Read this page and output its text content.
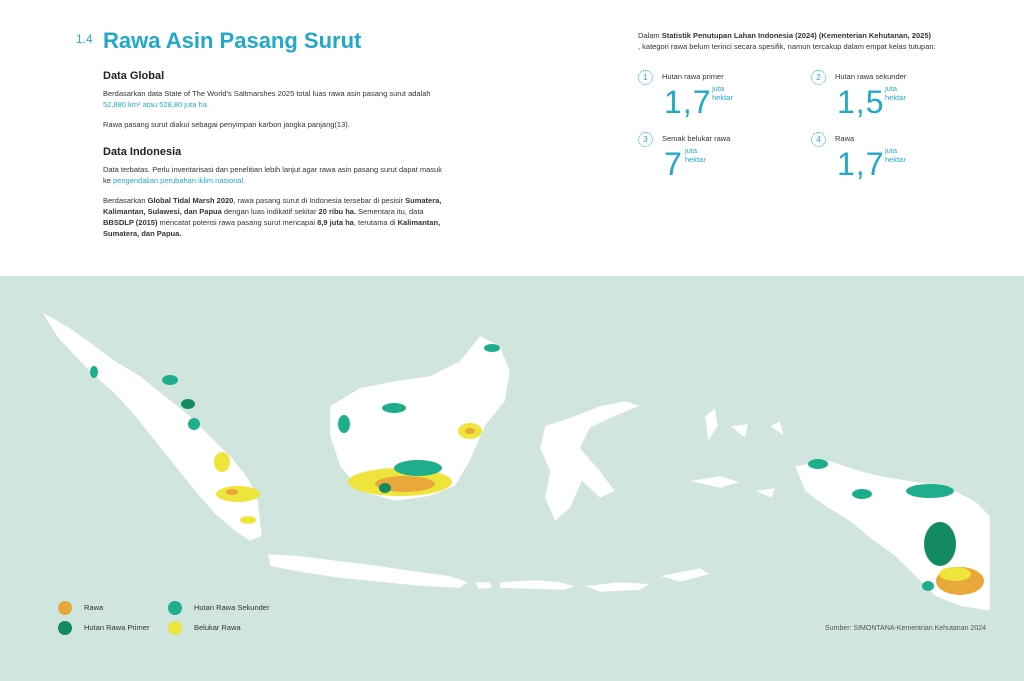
1.4 Rawa Asin Pasang Surut
Data Global

Berdasarkan data State of The World's Saltmarshes 2025 total luas rawa asin pasang surut adalah 52,880 km² atau 528,80 juta ha.

Rawa pasang surut diakui sebagai penyimpan karbon jangka panjang(13).

Data Indonesia

Data terbatas. Perlu inventarisasi dan penelitian lebih lanjut agar rawa asin pasang surut dapat masuk ke pengendalian perubahan iklim nasional.

Berdasarkan Global Tidal Marsh 2020, rawa pasang surut di Indonesia tersebar di pesisir Sumatera, Kalimantan, Sulawesi, dan Papua dengan luas indikatif sekitar 20 ribu ha. Sementara itu, data BBSDLP (2015) mencatat potensi rawa pasang surut mencapai 8,9 juta ha, terutama di Kalimantan, Sumatera, dan Papua.

Dalam Statistik Penutupan Lahan Indonesia (2024) (Kementerian Kehutanan, 2025)
, kategori rawa belum terinci secara spesifik, namun tercakup dalam empat kelas tutupan:
1	Hutan rawa primer
1,7 juta
hektar
2	Hutan rawa sekunder
1,5 juta
hektar
3	Semak belukar rawa
7 juta
hektar
4	Rawa
1,7 juta
hektar
Rawa	Hutan Rawa Sekunder
Hutan Rawa Primer	Belukar Rawa	Sumber: SIMONTANA-Kementrian Kehutanan 2024
